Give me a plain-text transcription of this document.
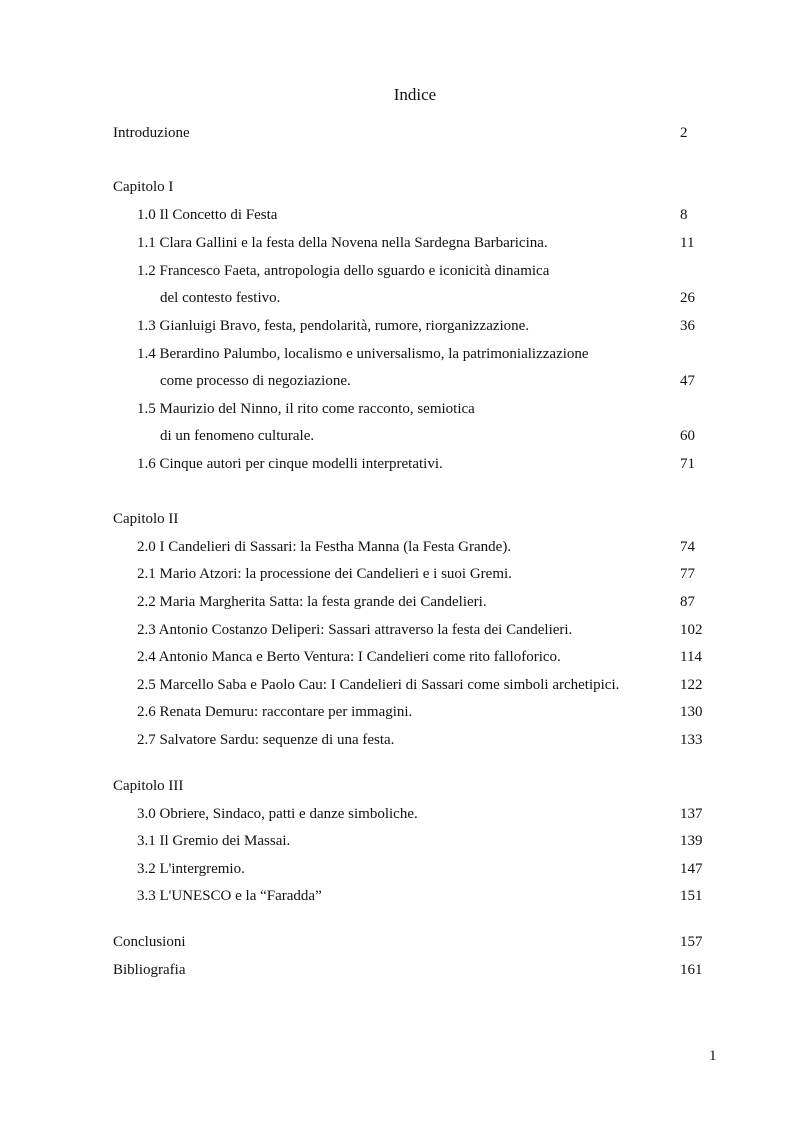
Indice
Introduzione	2
Capitolo I
1.0 Il Concetto di Festa	8
1.1 Clara Gallini e la festa della Novena nella Sardegna Barbaricina.	11
1.2 Francesco Faeta, antropologia dello sguardo e iconicità dinamica
del contesto festivo.	26
1.3 Gianluigi Bravo, festa, pendolarità, rumore, riorganizzazione.	36
1.4 Berardino Palumbo, localismo e universalismo, la patrimonializzazione
come processo di negoziazione.	47
1.5 Maurizio del Ninno, il rito come racconto, semiotica
di un fenomeno culturale.	60
1.6 Cinque autori per cinque modelli interpretativi.	71
Capitolo II
2.0 I Candelieri di Sassari: la Festha Manna (la Festa Grande).	74
2.1 Mario Atzori: la processione dei Candelieri e i suoi Gremi.	77
2.2 Maria Margherita Satta: la festa grande dei Candelieri.	87
2.3 Antonio Costanzo Deliperi: Sassari attraverso la festa dei Candelieri.	102
2.4 Antonio Manca e Berto Ventura: I Candelieri come rito falloforico.	114
2.5 Marcello Saba e Paolo Cau: I Candelieri di Sassari come simboli archetipici.	122
2.6 Renata Demuru: raccontare per immagini.	130
2.7 Salvatore Sardu: sequenze di una festa.	133
Capitolo III
3.0 Obriere, Sindaco, patti e danze simboliche.	137
3.1 Il Gremio dei Massai.	139
3.2 L'intergremio.	147
3.3 L'UNESCO e la “Faradda”	151
Conclusioni	157
Bibliografia	161
1
